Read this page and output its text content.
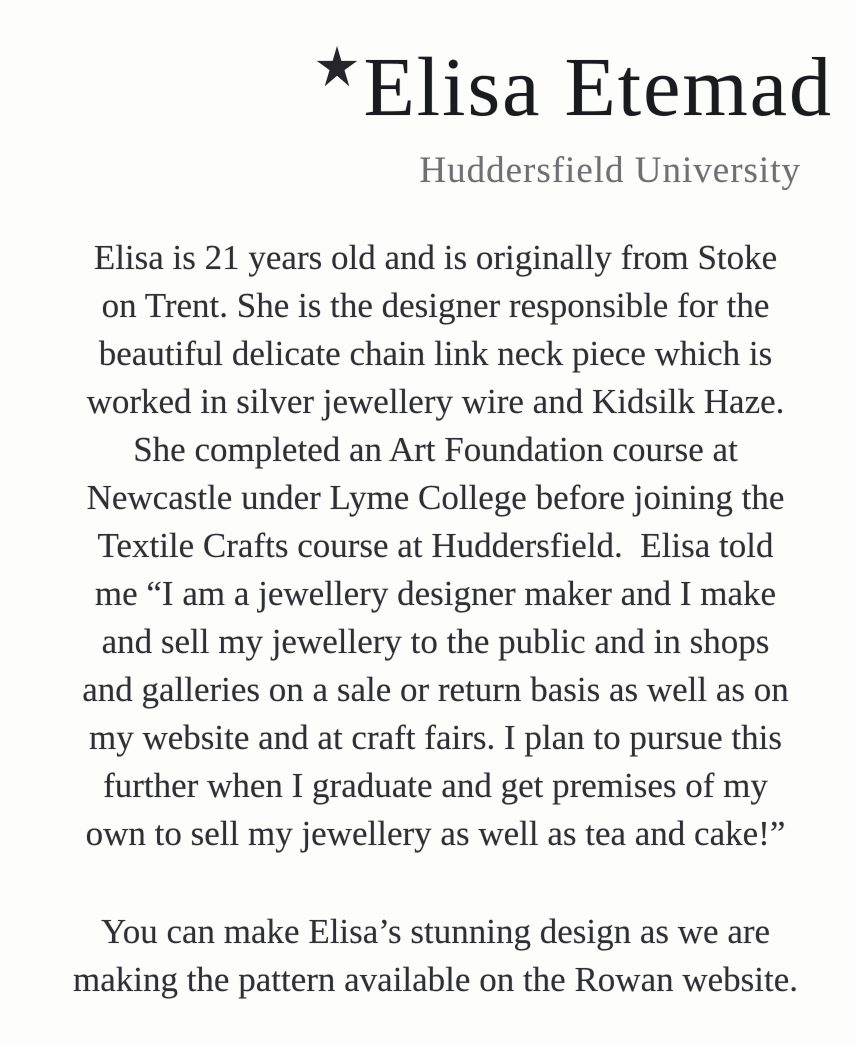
Elisa Etemad
Huddersfield University

Elisa is 21 years old and is originally from Stoke
on Trent. She is the designer responsible for the
beautiful delicate chain link neck piece which is
worked in silver jewellery wire and Kidsilk Haze.
She completed an Art Foundation course at
Newcastle under Lyme College before joining the
Textile Crafts course at Huddersfield.  Elisa told
me “I am a jewellery designer maker and I make
and sell my jewellery to the public and in shops
and galleries on a sale or return basis as well as on
my website and at craft fairs. I plan to pursue this
further when I graduate and get premises of my
own to sell my jewellery as well as tea and cake!”

You can make Elisa’s stunning design as we are
making the pattern available on the Rowan website.
